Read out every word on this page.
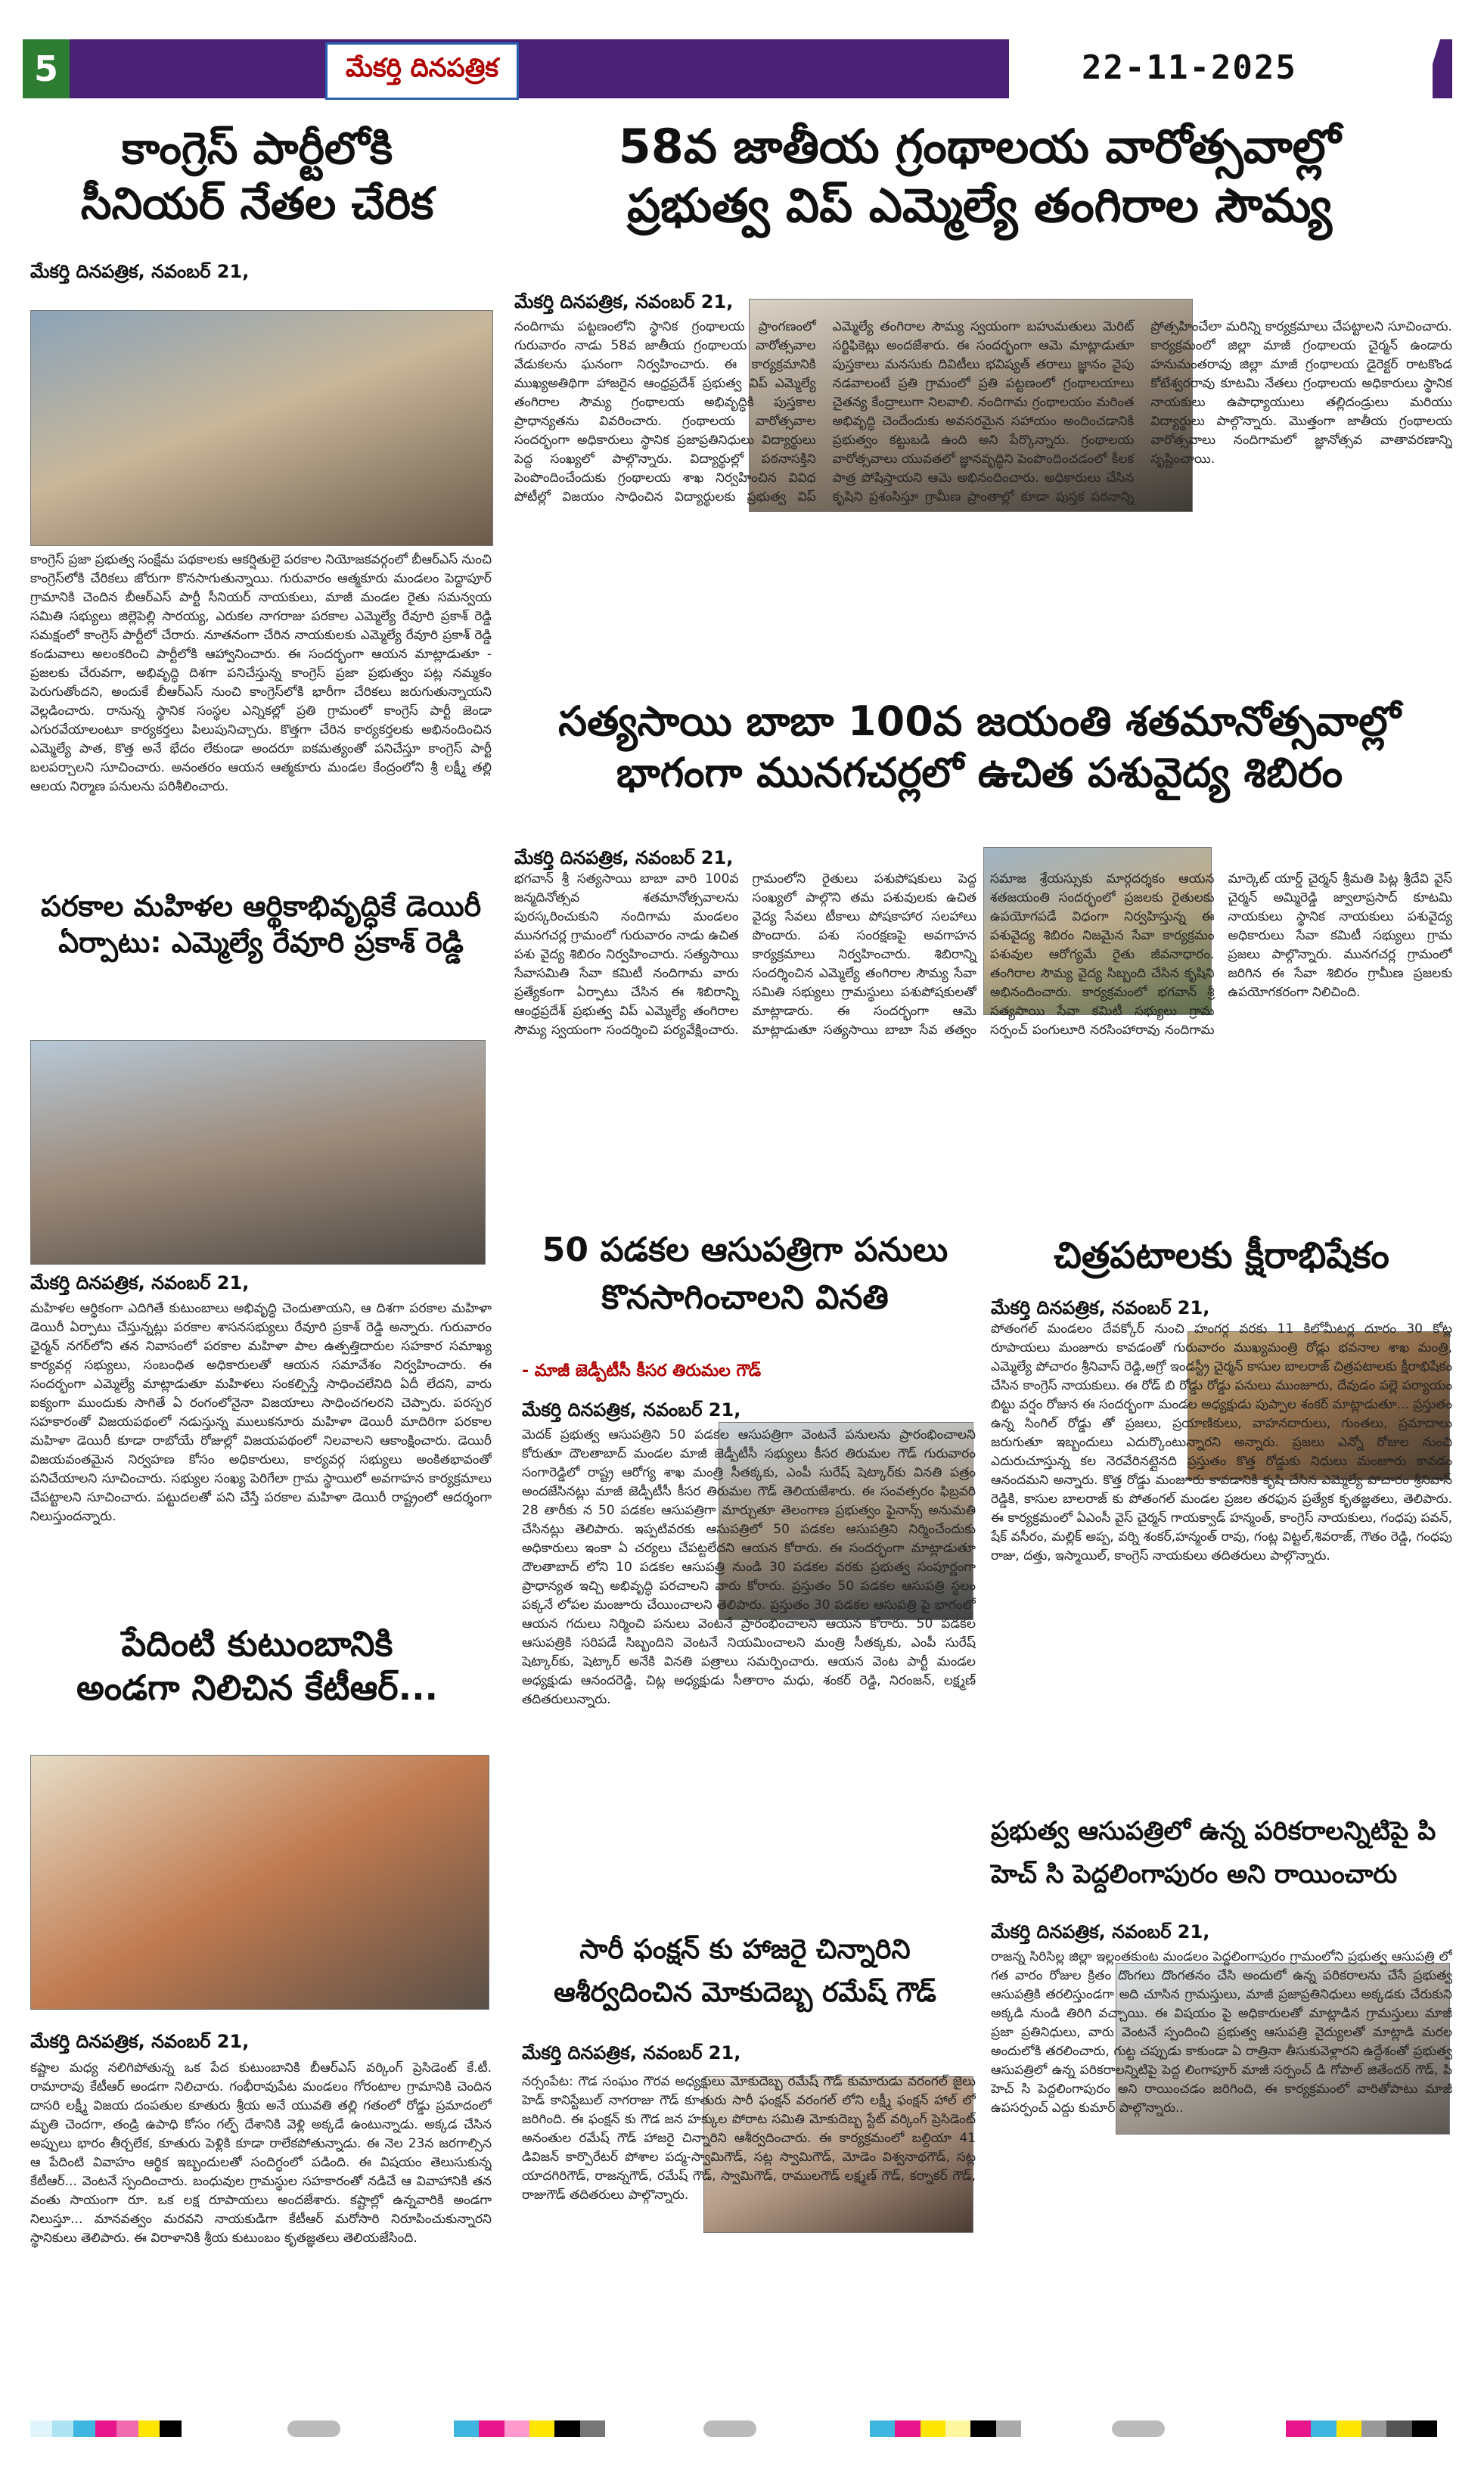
5	మేకర్తి దినపత్రిక	22-11-2025
కాంగ్రెస్ పార్టీలోకి
సీనియర్ నేతల చేరిక
మేకర్తి దినపత్రిక, నవంబర్ 21,
కాంగ్రెస్ ప్రజా ప్రభుత్వ సంక్షేమ పథకాలకు ఆకర్షితులై పరకాల నియోజకవర్గంలో బీఆర్ఎస్ నుంచి కాంగ్రెస్‌లోకి చేరికలు జోరుగా కొనసాగుతున్నాయి. గురువారం ఆత్మకూరు మండలం పెద్దాపూర్ గ్రామానికి చెందిన బీఆర్ఎస్ పార్టీ సీనియర్ నాయకులు, మాజీ మండల రైతు సమన్వయ సమితి సభ్యులు జిల్లెపెల్లి సారయ్య, ఎరుకల నాగరాజు పరకాల ఎమ్మెల్యే రేవూరి ప్రకాశ్ రెడ్డి సమక్షంలో కాంగ్రెస్ పార్టీలో చేరారు. నూతనంగా చేరిన నాయకులకు ఎమ్మెల్యే రేవూరి ప్రకాశ్ రెడ్డి కండువాలు అలంకరించి పార్టీలోకి ఆహ్వానించారు. ఈ సందర్భంగా ఆయన మాట్లాడుతూ - ప్రజలకు చేరువగా, అభివృద్ధి దిశగా పనిచేస్తున్న కాంగ్రెస్ ప్రజా ప్రభుత్వం పట్ల నమ్మకం పెరుగుతోందని, అందుకే బీఆర్ఎస్ నుంచి కాంగ్రెస్‌లోకి భారీగా చేరికలు జరుగుతున్నాయని వెల్లడించారు. రానున్న స్థానిక సంస్థల ఎన్నికల్లో ప్రతి గ్రామంలో కాంగ్రెస్ పార్టీ జెండా ఎగురవేయాలంటూ కార్యకర్తలు పిలుపునిచ్చారు. కొత్తగా చేరిన కార్యకర్తలకు అభినందించిన ఎమ్మెల్యే పాత, కొత్త అనే భేదం లేకుండా అందరూ ఐకమత్యంతో పనిచేస్తూ కాంగ్రెస్ పార్టీ బలపర్చాలని సూచించారు. అనంతరం ఆయన ఆత్మకూరు మండల కేంద్రంలోని శ్రీ లక్ష్మీ తల్లి ఆలయ నిర్మాణ పనులను పరిశీలించారు.
పరకాల మహిళల ఆర్థికాభివృద్ధికే డెయిరీ
ఏర్పాటు: ఎమ్మెల్యే రేవూరి ప్రకాశ్ రెడ్డి
మేకర్తి దినపత్రిక, నవంబర్ 21,
మహిళల ఆర్థికంగా ఎదిగితే కుటుంబాలు అభివృద్ధి చెందుతాయని, ఆ దిశగా పరకాల మహిళా డెయిరీ ఏర్పాటు చేస్తున్నట్లు పరకాల శాసనసభ్యులు రేవూరి ప్రకాశ్ రెడ్డి అన్నారు. గురువారం ఛైర్మన్ నగర్‌లోని తన నివాసంలో పరకాల మహిళా పాల ఉత్పత్తిదారుల సహకార సమాఖ్య కార్యవర్గ సభ్యులు, సంబంధిత అధికారులతో ఆయన సమావేశం నిర్వహించారు. ఈ సందర్భంగా ఎమ్మెల్యే మాట్లాడుతూ మహిళలు సంకల్పిస్తే సాధించలేనిది ఏదీ లేదని, వారు ఐక్యంగా ముందుకు సాగితే ఏ రంగంలోనైనా విజయాలు సాధించగలరని చెప్పారు. పరస్పర సహకారంతో విజయపథంలో నడుస్తున్న ములుకనూరు మహిళా డెయిరీ మాదిరిగా పరకాల మహిళా డెయిరీ కూడా రాబోయే రోజుల్లో విజయపథంలో నిలవాలని ఆకాంక్షించారు. డెయిరీ విజయవంతమైన నిర్వహణ కోసం అధికారులు, కార్యవర్గ సభ్యులు అంకితభావంతో పనిచేయాలని సూచించారు. సభ్యుల సంఖ్య పెరిగేలా గ్రామ స్థాయిలో అవగాహన కార్యక్రమాలు చేపట్టాలని సూచించారు. పట్టుదలతో పని చేస్తే పరకాల మహిళా డెయిరీ రాష్ట్రంలో ఆదర్శంగా నిలుస్తుందన్నారు.
పేదింటి కుటుంబానికి
అండగా నిలిచిన కేటీఆర్...
మేకర్తి దినపత్రిక, నవంబర్ 21,
కష్టాల మధ్య నలిగిపోతున్న ఒక పేద కుటుంబానికి బీఆర్ఎస్ వర్కింగ్ ప్రెసిడెంట్ కే.టీ. రామారావు కేటీఆర్ అండగా నిలిచారు. గంభీరావుపేట మండలం గోరంటాల గ్రామానికి చెందిన దాసరి లక్ష్మీ విజయ దంపతుల కూతురు శ్రీయ అనే యువతి తల్లి గతంలో రోడ్డు ప్రమాదంలో మృతి చెందగా, తండ్రి ఉపాధి కోసం గల్ఫ్ దేశానికి వెళ్లి అక్కడే ఉంటున్నాడు. అక్కడ చేసిన అప్పులు భారం తీర్చలేక, కూతురు పెళ్లికి కూడా రాలేకపోతున్నాడు. ఈ నెల 23న జరగాల్సిన ఆ పేదింటి వివాహం ఆర్థిక ఇబ్బందులతో సందిగ్ధంలో పడింది. ఈ విషయం తెలుసుకున్న కేటీఆర్... వెంటనే స్పందించారు. బంధువుల గ్రామస్థుల సహకారంతో నడిచే ఆ వివాహానికి తన వంతు సాయంగా రూ. ఒక లక్ష రూపాయలు అందజేశారు. కష్టాల్లో ఉన్నవారికి అండగా నిలుస్తూ... మానవత్వం మరవని నాయకుడిగా కేటీఆర్ మరోసారి నిరూపించుకున్నారని స్థానికులు తెలిపారు. ఈ విరాళానికి శ్రీయ కుటుంబం కృతజ్ఞతలు తెలియజేసింది.
58వ జాతీయ గ్రంథాలయ వారోత్సవాల్లో
ప్రభుత్వ విప్ ఎమ్మెల్యే తంగిరాల సౌమ్య
మేకర్తి దినపత్రిక, నవంబర్ 21,
నందిగామ పట్టణంలోని స్థానిక గ్రంథాలయ ప్రాంగణంలో గురువారం నాడు 58వ జాతీయ గ్రంథాలయ వారోత్సవాల వేడుకలను ఘనంగా నిర్వహించారు. ఈ కార్యక్రమానికి ముఖ్యఅతిథిగా హాజరైన ఆంధ్రప్రదేశ్ ప్రభుత్వ విప్ ఎమ్మెల్యే తంగిరాల సౌమ్య గ్రంథాలయ అభివృద్ధికి పుస్తకాల ప్రాధాన్యతను వివరించారు. గ్రంథాలయ వారోత్సవాల సందర్భంగా అధికారులు స్థానిక ప్రజాప్రతినిధులు విద్యార్థులు పెద్ద సంఖ్యలో పాల్గొన్నారు. విద్యార్థుల్లో పఠనాసక్తిని పెంపొందించేందుకు గ్రంథాలయ శాఖ నిర్వహించిన వివిధ పోటీల్లో విజయం సాధించిన విద్యార్థులకు ప్రభుత్వ విప్ ఎమ్మెల్యే తంగిరాల సౌమ్య స్వయంగా బహుమతులు మెరిట్ సర్టిఫికెట్లు అందజేశారు. ఈ సందర్భంగా ఆమె మాట్లాడుతూ పుస్తకాలు మనసుకు దివిటీలు భవిష్యత్ తరాలు జ్ఞానం వైపు నడవాలంటే ప్రతి గ్రామంలో ప్రతి పట్టణంలో గ్రంథాలయాలు చైతన్య కేంద్రాలుగా నిలవాలి. నందిగామ గ్రంథాలయం మరింత అభివృద్ధి చెందేందుకు అవసరమైన సహాయం అందించడానికి ప్రభుత్వం కట్టుబడి ఉంది అని పేర్కొన్నారు. గ్రంథాలయ వారోత్సవాలు యువతలో జ్ఞానవృద్ధిని పెంపొందించడంలో కీలక పాత్ర పోషిస్తాయని ఆమె అభినందించారు. అధికారులు చేసిన కృషిని ప్రశంసిస్తూ గ్రామీణ ప్రాంతాల్లో కూడా పుస్తక పఠనాన్ని ప్రోత్సహించేలా మరిన్ని కార్యక్రమాలు చేపట్టాలని సూచించారు. కార్యక్రమంలో జిల్లా మాజీ గ్రంథాలయ చైర్మన్ ఉండారు హనుమంతరావు జిల్లా మాజీ గ్రంథాలయ డైరెక్టర్ రాటకొండ కోటేశ్వరరావు కూటమి నేతలు గ్రంథాలయ అధికారులు స్థానిక నాయకులు ఉపాధ్యాయులు తల్లిదండ్రులు మరియు విద్యార్థులు పాల్గొన్నారు. మొత్తంగా జాతీయ గ్రంథాలయ వారోత్సవాలు నందిగామలో జ్ఞానోత్సవ వాతావరణాన్ని సృష్టించాయి.
సత్యసాయి బాబా 100వ జయంతి శతమానోత్సవాల్లో
భాగంగా మునగచర్లలో ఉచిత పశువైద్య శిబిరం
మేకర్తి దినపత్రిక, నవంబర్ 21,
భగవాన్ శ్రీ సత్యసాయి బాబా వారి 100వ జన్మదినోత్సవ శతమానోత్సవాలను పురస్కరించుకుని నందిగామ మండలం మునగచర్ల గ్రామంలో గురువారం నాడు ఉచిత పశు వైద్య శిబిరం నిర్వహించారు. సత్యసాయి సేవాసమితి సేవా కమిటీ నందిగామ వారు ప్రత్యేకంగా ఏర్పాటు చేసిన ఈ శిబిరాన్ని ఆంధ్రప్రదేశ్ ప్రభుత్వ విప్ ఎమ్మెల్యే తంగిరాల సౌమ్య స్వయంగా సందర్శించి పర్యవేక్షించారు. గ్రామంలోని రైతులు పశుపోషకులు పెద్ద సంఖ్యలో పాల్గొని తమ పశువులకు ఉచిత వైద్య సేవలు టీకాలు పోషకాహార సలహాలు పొందారు. పశు సంరక్షణపై అవగాహన కార్యక్రమాలు నిర్వహించారు. శిబిరాన్ని సందర్శించిన ఎమ్మెల్యే తంగిరాల సౌమ్య సేవా సమితి సభ్యులు గ్రామస్థులు పశుపోషకులతో మాట్లాడారు. ఈ సందర్భంగా ఆమె మాట్లాడుతూ సత్యసాయి బాబా సేవ తత్వం సమాజ శ్రేయస్సుకు మార్గదర్శకం ఆయన శతజయంతి సందర్భంలో ప్రజలకు రైతులకు ఉపయోగపడే విధంగా నిర్వహిస్తున్న ఈ పశువైద్య శిబిరం నిజమైన సేవా కార్యక్రమం పశువుల ఆరోగ్యమే రైతు జీవనాధారం. తంగిరాల సౌమ్య వైద్య సిబ్బంది చేసిన కృషిని అభినందించారు. కార్యక్రమంలో భగవాన్ శ్రీ సత్యసాయి సేవా కమిటీ సభ్యులు గ్రామ సర్పంచ్ పంగులూరి నరసింహారావు నందిగామ మార్కెట్ యార్డ్ చైర్మన్ శ్రీమతి పిట్ల శ్రీదేవి వైస్ చైర్మన్ అమ్మిరెడ్డి జ్వాలాప్రసాద్ కూటమి నాయకులు స్థానిక నాయకులు పశువైద్య అధికారులు సేవా కమిటీ సభ్యులు గ్రామ ప్రజలు పాల్గొన్నారు. మునగచర్ల గ్రామంలో జరిగిన ఈ సేవా శిబిరం గ్రామీణ ప్రజలకు ఉపయోగకరంగా నిలిచింది.
50 పడకల ఆసుపత్రిగా పనులు
కొనసాగించాలని వినతి
- మాజీ జెడ్పీటీసీ కీసర తిరుమల గౌడ్
మేకర్తి దినపత్రిక, నవంబర్ 21,
మెదక్ ప్రభుత్వ ఆసుపత్రిని 50 పడకల ఆసుపత్రిగా వెంటనే పనులను ప్రారంభించాలని కోరుతూ దౌలతాబాద్ మండల మాజీ జెడ్పీటీసీ సభ్యులు కీసర తిరుమల గౌడ్ గురువారం సంగారెడ్డిలో రాష్ట్ర ఆరోగ్య శాఖ మంత్రి సీతక్కకు, ఎంపీ సురేష్ షెట్కార్‌కు వినతి పత్రం అందజేసినట్లు మాజీ జెడ్పీటీసీ కీసర తిరుమల గౌడ్ తెలియజేశారు. ఈ సంవత్సరం ఫిబ్రవరి 28 తారీకు న 50 పడకల ఆసుపత్రిగా మార్చుతూ తెలంగాణ ప్రభుత్వం ఫైనాన్స్ అనుమతి చేసినట్లు తెలిపారు. ఇప్పటివరకు ఆసుపత్రిలో 50 పడకల ఆసుపత్రిని నిర్మించేందుకు అధికారులు ఇంకా ఏ చర్యలు చేపట్టలేదని ఆయన కోరారు. ఈ సందర్భంగా మాట్లాడుతూ దౌలతాబాద్ లోని 10 పడకల ఆసుపత్రి నుండి 30 పడకల వరకు ప్రభుత్వ సంపూర్ణంగా ప్రాధాన్యత ఇచ్చి అభివృద్ధి పరచాలని వారు కోరారు. ప్రస్తుతం 50 పడకల ఆసుపత్రి స్థలం పక్కనే లోపల మంజూరు చేయించాలని తెలిపారు. ప్రస్తుతం 30 పడకల ఆసుపత్రి పై భాగంలో ఆయన గదులు నిర్మించి పనులు వెంటనే ప్రారంభించాలని ఆయన కోరారు. 50 పడకల ఆసుపత్రికి సరిపడే సిబ్బందిని వెంటనే నియమించాలని మంత్రి సీతక్కకు, ఎంపీ సురేష్ షెట్కార్‌కు, షెట్కార్ అనేకి వినతి పత్రాలు సమర్పించారు. ఆయన వెంట పార్టీ మండల అధ్యక్షుడు ఆనందరెడ్డి, చిట్ల అధ్యక్షుడు సీతారాం మధు, శంకర్ రెడ్డి, నిరంజన్, లక్ష్మణ్ తదితరులున్నారు.
సారీ ఫంక్షన్ కు హాజరై చిన్నారిని
ఆశీర్వదించిన మోకుదెబ్బ రమేష్ గౌడ్
మేకర్తి దినపత్రిక, నవంబర్ 21,
నర్సంపేట: గౌడ సంఘం గౌరవ అధ్యక్షులు మోకుదెబ్బ రమేష్ గౌడ్ కుమారుడు వరంగల్ జైలు హెడ్ కానిస్టేబుల్ నాగరాజు గౌడ్ కూతురు సారీ ఫంక్షన్ వరంగల్ లోని లక్ష్మీ ఫంక్షన్ హాల్ లో జరిగింది. ఈ ఫంక్షన్ కు గౌడ జన హక్కుల పోరాట సమితి మోకుదెబ్బ స్టేట్ వర్కింగ్ ప్రెసిడెంట్ అనంతుల రమేష్ గౌడ్ హాజరై చిన్నారిని ఆశీర్వదించారు. ఈ కార్యక్రమంలో బల్దియా 41 డివిజన్ కార్పొరేటర్ పోశాల పద్మ-స్వామిగౌడ్, సట్ల స్వామిగౌడ్, మోడెం విశ్వనాథగౌడ్, సట్ల యాదగిరిగౌడ్, రాజన్నగౌడ్, రమేష్ గౌడ్, స్వామిగౌడ్, రాములగౌడ్ లక్ష్మణ్ గౌడ్, కర్నాకర్ గౌడ్, రాజుగౌడ్ తదితరులు పాల్గొన్నారు.
చిత్రపటాలకు క్షీరాభిషేకం
మేకర్తి దినపత్రిక, నవంబర్ 21,
పోతంగల్ మండలం దేవక్కోర్ నుంచి హంగర్గ వరకు 11 కిలోమీటర్ల దూరం 30 కోట్ల రూపాయలు మంజూరు కావడంతో గురువారం ముఖ్యమంత్రి రోడ్లు భవనాల శాఖ మంత్రి, ఎమ్మెల్యే పోచారం శ్రీనివాస్ రెడ్డి,అగ్రో ఇండస్ట్రీ చైర్మన్ కాసుల బాలరాజ్ చిత్రపటాలకు క్షీరాభిషేకం చేసిన కాంగ్రెస్ నాయకులు. ఈ రోడ్ బి రోడ్డు రోడ్డు పనులు ముంజూరు, దేవుడం పల్లె పర్యాయం బిట్టు వర్షం రోజున ఈ సందర్భంగా మండల అధ్యక్షుడు పుప్పాల శంకర్ మాట్లాడుతూ... ప్రస్తుతం ఉన్న సింగిల్ రోడ్డు తో ప్రజలు, ప్రయాణికులు, వాహనదారులు, గుంతలు, ప్రమాదాలు జరుగుతూ ఇబ్బందులు ఎదుర్కొంటున్నారని అన్నారు. ప్రజలు ఎన్నో రోజుల నుంచి ఎదురుచూస్తున్న కల నెరవేరినట్లైనది ప్రస్తుతం కొత్త రోడ్డుకు నిధులు మంజూరు కావడం ఆనందమని అన్నారు. కొత్త రోడ్డు మంజూరు కావడానికి కృషి చేసిన ఎమ్మెల్యే పోచారం శ్రీనివాస్ రెడ్డికి, కాసుల బాలరాజ్ కు పోతంగల్ మండల ప్రజల తరఫున ప్రత్యేక కృతజ్ఞతలు, తెలిపారు. ఈ కార్యక్రమంలో ఏఎంసీ వైస్ చైర్మన్ గాయక్వాడ్ హన్మంత్, కాంగ్రెస్ నాయకులు, గంధపు పవన్, షేక్ వసీరం, మల్లిక్ అప్ప, వర్ని శంకర్,హన్మంత్ రావు, గంట్ల విట్టల్,శివరాజ్, గౌతం రెడ్డి, గంధపు రాజు, దత్తు, ఇస్మాయిల్, కాంగ్రెస్ నాయకులు తదితరులు పాల్గొన్నారు.
ప్రభుత్వ ఆసుపత్రిలో ఉన్న పరికరాలన్నిటిపై పి
హెచ్ సి పెద్దలింగాపురం అని రాయించారు
మేకర్తి దినపత్రిక, నవంబర్ 21,
రాజన్న సిరిసిల్ల జిల్లా ఇల్లంతకుంట మండలం పెద్దలింగాపురం గ్రామంలోని ప్రభుత్వ ఆసుపత్రి లో గత వారం రోజుల క్రితం దొంగలు దొంగతనం చేసి అందులో ఉన్న పరికరాలను చేసే ప్రభుత్వ ఆసుపత్రికి తరలిస్తుండగా అది చూసిన గ్రామస్తులు, మాజీ ప్రజాప్రతినిధులు అక్కడకు చేరుకుని అక్కడి నుండి తిరిగి వచ్చాయి. ఈ విషయం పై అధికారులతో మాట్లాడిన గ్రామస్తులు మాజీ ప్రజా ప్రతినిధులు, వారు వెంటనే స్పందించి ప్రభుత్వ ఆసుపత్రి వైద్యులతో మాట్లాడి మరల అందులోకి తరలించారు, గుట్ట చప్పుడు కాకుండా ఏ రాత్రినా తీసుకువెళ్లారని ఉద్దేశంతో ప్రభుత్వ ఆసుపత్రిలో ఉన్న పరికరాలన్నిటిపై పెద్ద లింగాపూర్ మాజీ సర్పంచ్ డి గోపాల్ జితేందర్ గౌడ్, పి హెచ్ సి పెద్దలింగాపురం అని రాయించడం జరిగింది, ఈ కార్యక్రమంలో వారితోపాటు మాజీ ఉపసర్పంచ్ ఎద్దు కుమార్ పాల్గొన్నారు..
